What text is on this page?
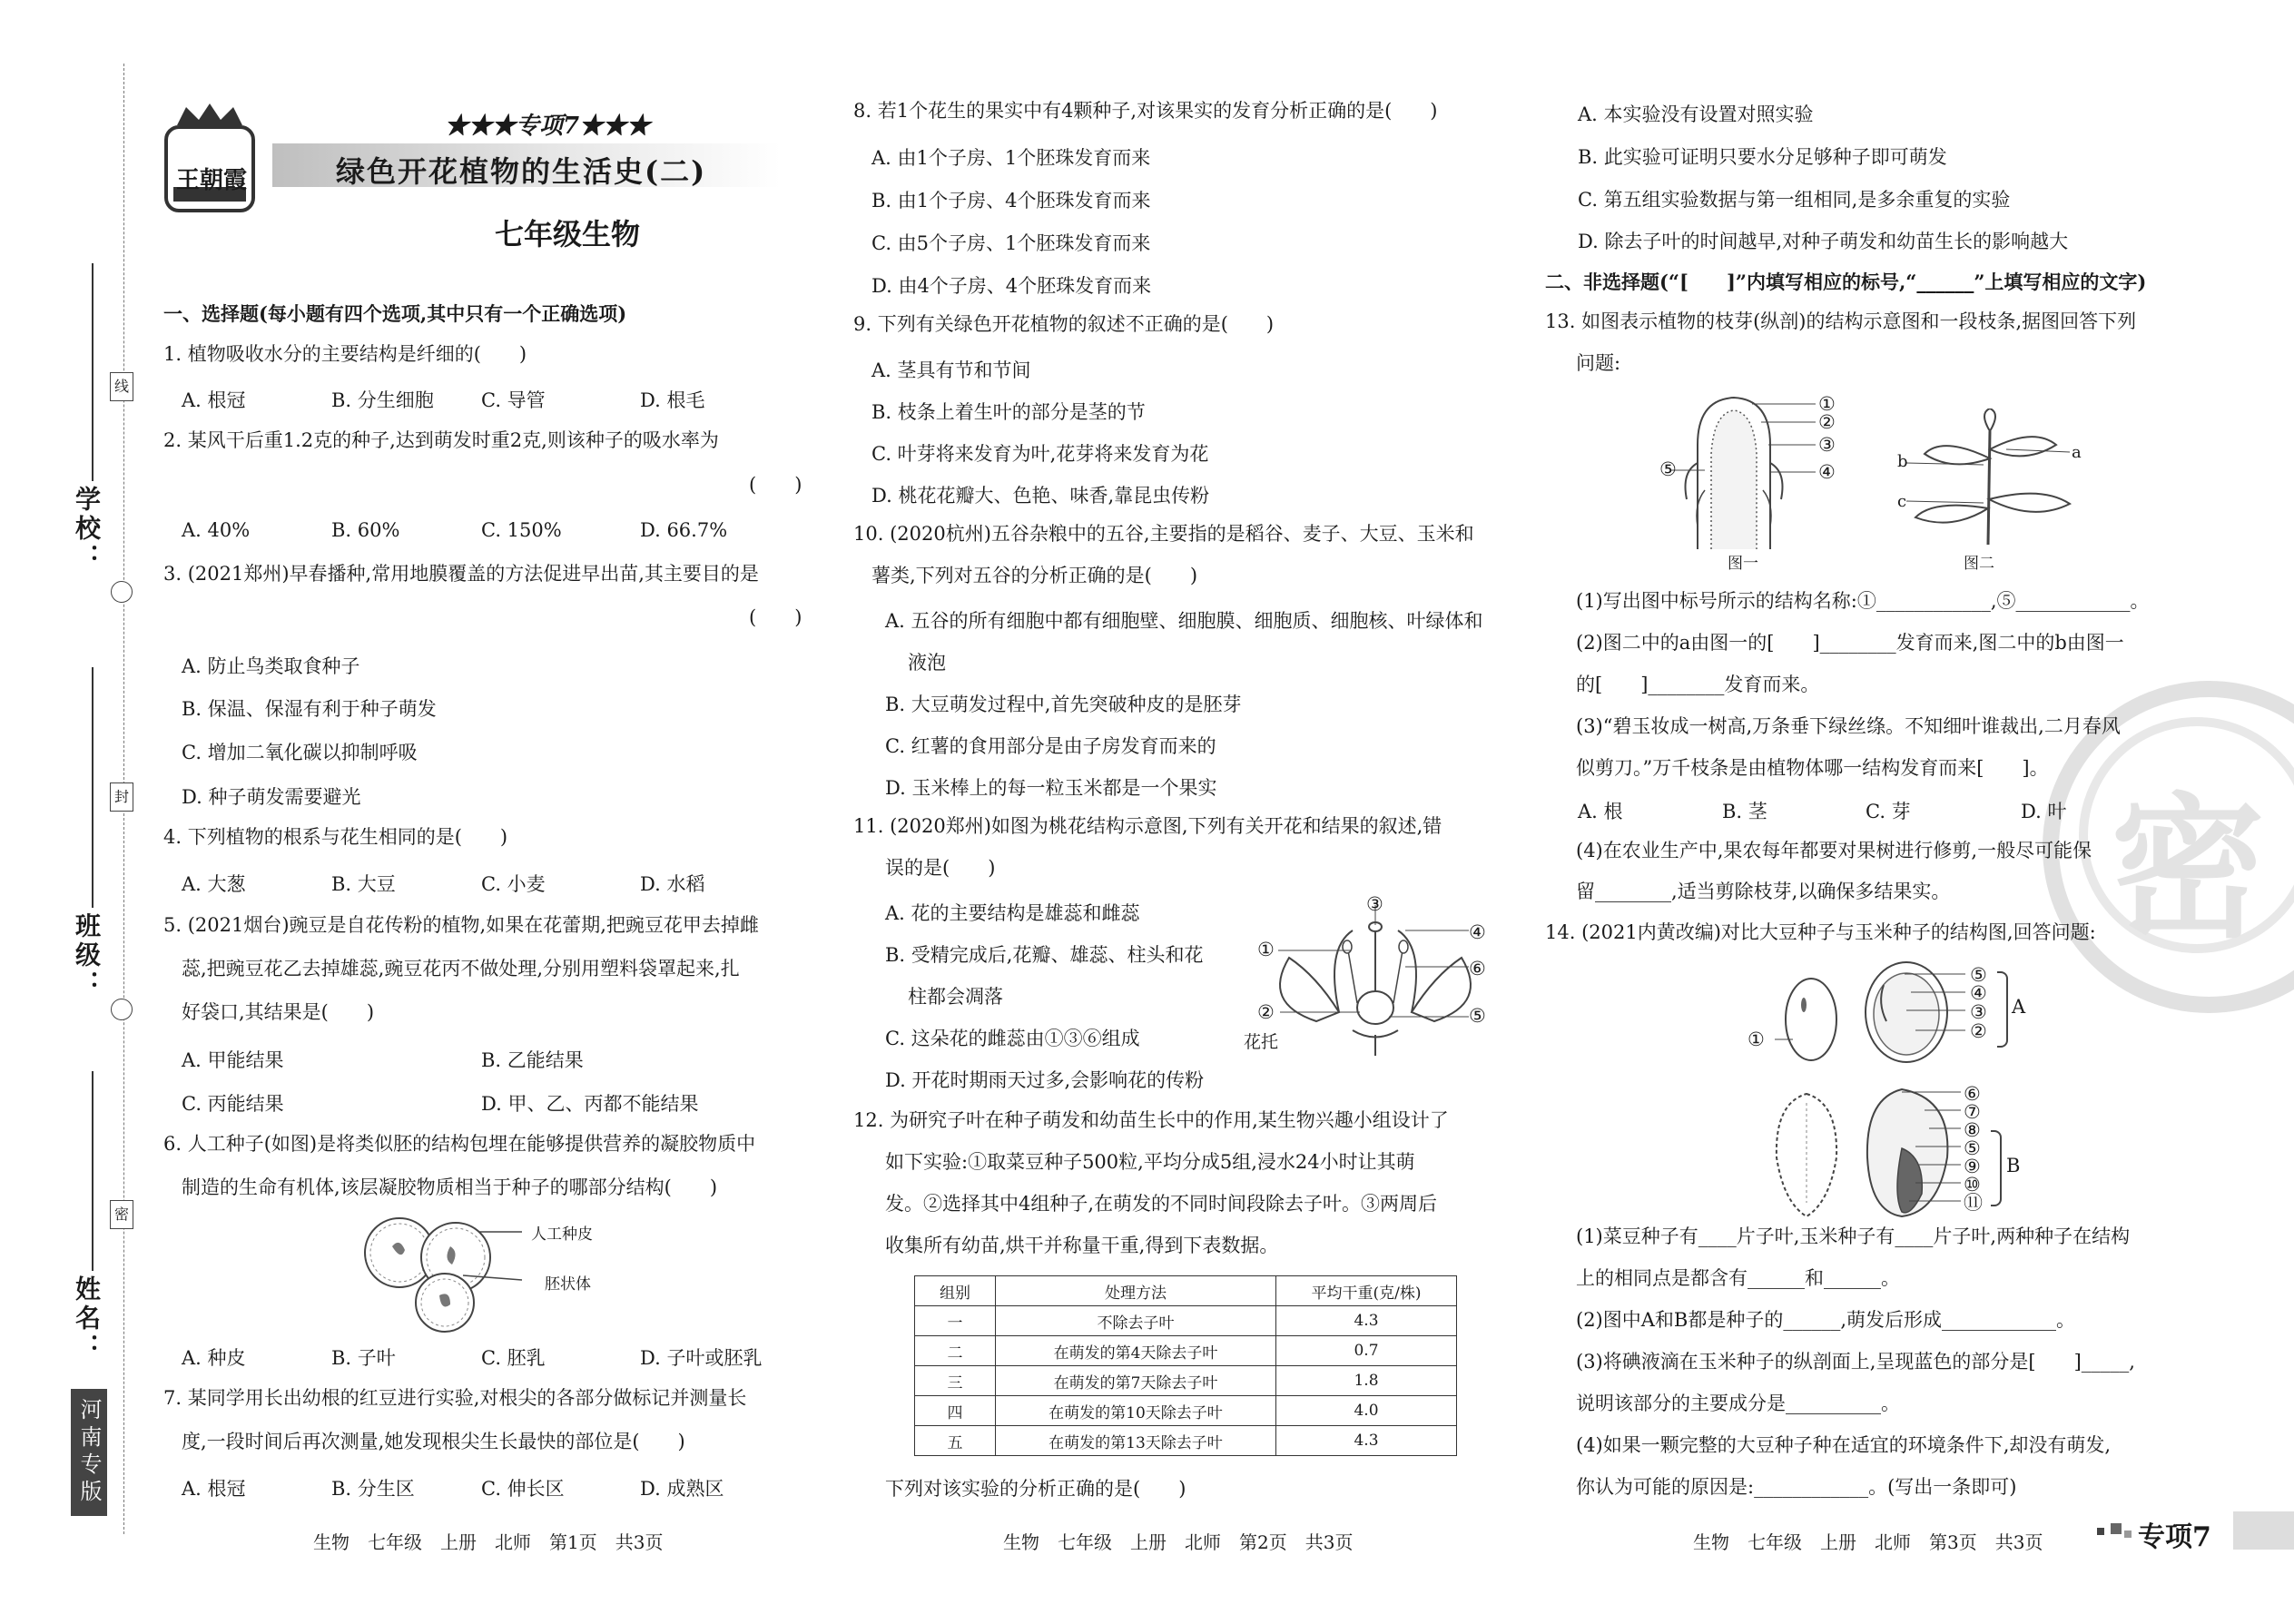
学校：
线
班级：
封
姓名：
密
河南专版
王朝霞
★★★专项7★★★
绿色开花植物的生活史(二)
七年级生物
一、选择题(每小题有四个选项,其中只有一个正确选项)
1. 植物吸收水分的主要结构是纤细的(　　)
A. 根冠	B. 分生细胞 C. 导管	D. 根毛
2. 某风干后重1.2克的种子,达到萌发时重2克,则该种子的吸水率为
(　　)
A. 40%	B. 60%	C. 150%	D. 66.7%
3. (2021郑州)早春播种,常用地膜覆盖的方法促进早出苗,其主要目的是
(　　)
A. 防止鸟类取食种子
B. 保温、保湿有利于种子萌发
C. 增加二氧化碳以抑制呼吸
D. 种子萌发需要避光
4. 下列植物的根系与花生相同的是(　　)
A. 大葱	B. 大豆	C. 小麦	D. 水稻
5. (2021烟台)豌豆是自花传粉的植物,如果在花蕾期,把豌豆花甲去掉雌
蕊,把豌豆花乙去掉雄蕊,豌豆花丙不做处理,分别用塑料袋罩起来,扎
好袋口,其结果是(　　)
A. 甲能结果	B. 乙能结果
C. 丙能结果	D. 甲、乙、丙都不能结果
6. 人工种子(如图)是将类似胚的结构包埋在能够提供营养的凝胶物质中
制造的生命有机体,该层凝胶物质相当于种子的哪部分结构(　　)
人工种皮
胚状体
A. 种皮	B. 子叶	C. 胚乳	D. 子叶或胚乳
7. 某同学用长出幼根的红豆进行实验,对根尖的各部分做标记并测量长
度,一段时间后再次测量,她发现根尖生长最快的部位是(　　)
A. 根冠	B. 分生区	C. 伸长区	D. 成熟区
生物　七年级　上册　北师　第1页　共3页
8. 若1个花生的果实中有4颗种子,对该果实的发育分析正确的是(　　)
A. 由1个子房、1个胚珠发育而来
B. 由1个子房、4个胚珠发育而来
C. 由5个子房、1个胚珠发育而来
D. 由4个子房、4个胚珠发育而来
9. 下列有关绿色开花植物的叙述不正确的是(　　)
A. 茎具有节和节间
B. 枝条上着生叶的部分是茎的节
C. 叶芽将来发育为叶,花芽将来发育为花
D. 桃花花瓣大、色艳、味香,靠昆虫传粉
10. (2020杭州)五谷杂粮中的五谷,主要指的是稻谷、麦子、大豆、玉米和
薯类,下列对五谷的分析正确的是(　　)
A. 五谷的所有细胞中都有细胞壁、细胞膜、细胞质、细胞核、叶绿体和
液泡
B. 大豆萌发过程中,首先突破种皮的是胚芽
C. 红薯的食用部分是由子房发育而来的
D. 玉米棒上的每一粒玉米都是一个果实
11. (2020郑州)如图为桃花结构示意图,下列有关开花和结果的叙述,错
误的是(　　)
A. 花的主要结构是雄蕊和雌蕊
B. 受精完成后,花瓣、雄蕊、柱头和花
柱都会凋落
C. 这朵花的雌蕊由①③⑥组成
D. 开花时期雨天过多,会影响花的传粉
①
②
③
④
⑤
⑥
花托
12. 为研究子叶在种子萌发和幼苗生长中的作用,某生物兴趣小组设计了
如下实验:①取菜豆种子500粒,平均分成5组,浸水24小时让其萌
发。②选择其中4组种子,在萌发的不同时间段除去子叶。③两周后
收集所有幼苗,烘干并称量干重,得到下表数据。
组别	处理方法	平均干重(克/株)
一	不除去子叶	4.3
二	在萌发的第4天除去子叶	0.7
三	在萌发的第7天除去子叶	1.8
四	在萌发的第10天除去子叶	4.0
五	在萌发的第13天除去子叶	4.3
下列对该实验的分析正确的是(　　)
生物　七年级　上册　北师　第2页　共3页
密
A. 本实验没有设置对照实验
B. 此实验可证明只要水分足够种子即可萌发
C. 第五组实验数据与第一组相同,是多余重复的实验
D. 除去子叶的时间越早,对种子萌发和幼苗生长的影响越大
二、非选择题(“[　　]”内填写相应的标号,“______”上填写相应的文字)
13. 如图表示植物的枝芽(纵剖)的结构示意图和一段枝条,据图回答下列
问题:
①
②
③
④
⑤	b	a
c
图一	图二
(1)写出图中标号所示的结构名称:①____________,⑤____________。
(2)图二中的a由图一的[　　]________发育而来,图二中的b由图一
的[　　]________发育而来。
(3)“碧玉妆成一树高,万条垂下绿丝绦。不知细叶谁裁出,二月春风
似剪刀。”万千枝条是由植物体哪一结构发育而来[　　]。
A. 根	B. 茎	C. 芽	D. 叶
(4)在农业生产中,果农每年都要对果树进行修剪,一般尽可能保
留________,适当剪除枝芽,以确保多结果实。
14. (2021内黄改编)对比大豆种子与玉米种子的结构图,回答问题:
⑤
④
③
②
①
A
⑥
⑦
⑧
⑤
⑨
⑩
⑪
B
(1)菜豆种子有____片子叶,玉米种子有____片子叶,两种种子在结构
上的相同点是都含有______和______。
(2)图中A和B都是种子的______,萌发后形成____________。
(3)将碘液滴在玉米种子的纵剖面上,呈现蓝色的部分是[　　]_____,
说明该部分的主要成分是__________。
(4)如果一颗完整的大豆种子种在适宜的环境条件下,却没有萌发,
你认为可能的原因是:____________。(写出一条即可)
生物　七年级　上册　北师　第3页　共3页	专项7
